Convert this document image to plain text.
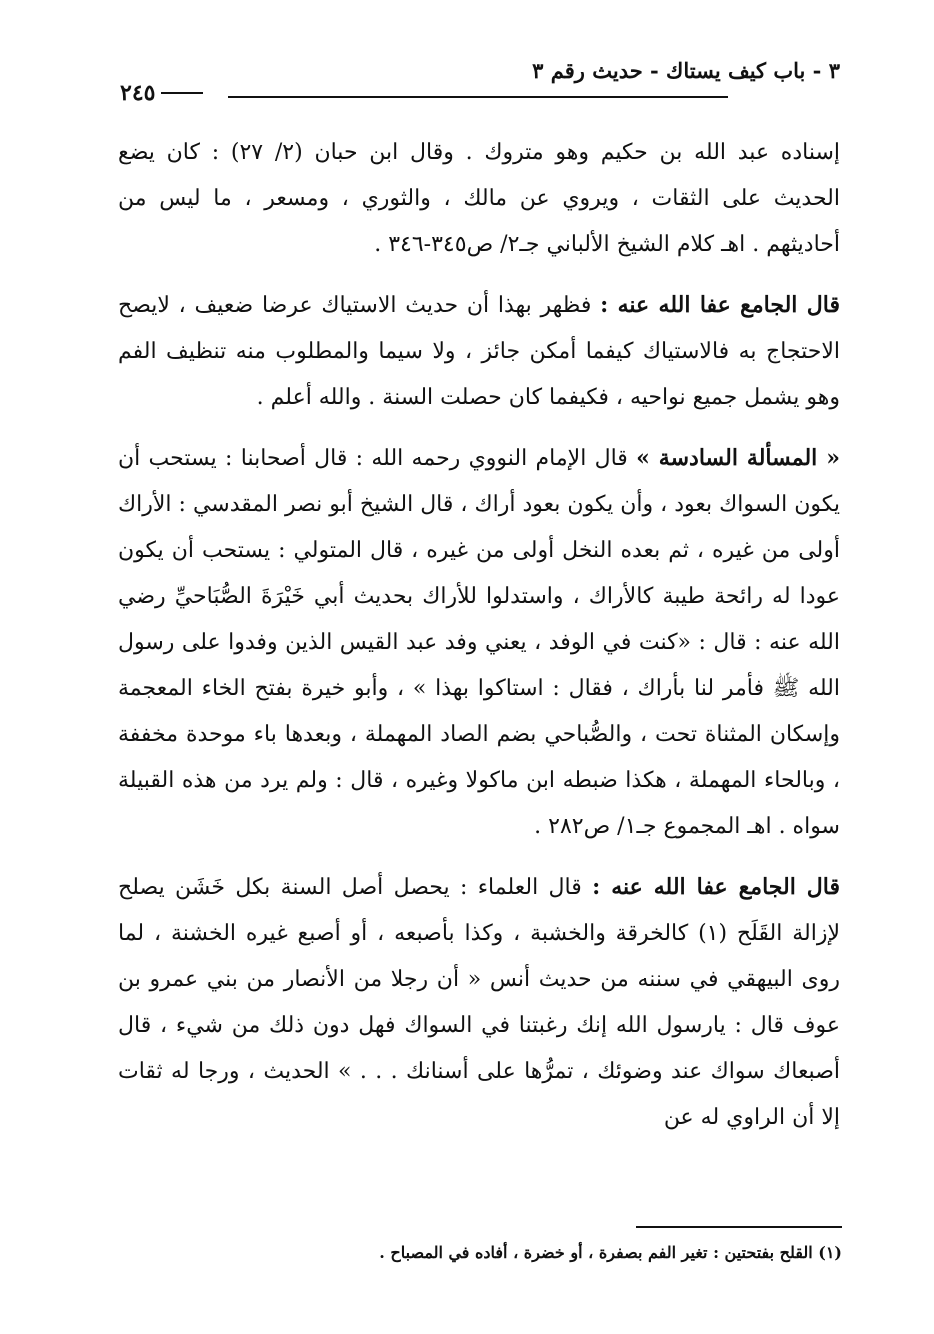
٣ - باب كيف يستاك - حديث رقم ٣
٢٤٥

إسناده عبد الله بن حكيم وهو متروك . وقال ابن حبان (٢/ ٢٧) : كان يضع الحديث على الثقات ، ويروي عن مالك ، والثوري ، ومسعر ، ما ليس من أحاديثهم . اهـ كلام الشيخ الألباني جـ٢/ ص٣٤٥-٣٤٦ .

قال الجامع عفا الله عنه : فظهر بهذا أن حديث الاستياك عرضا ضعيف ، لايصح الاحتجاج به فالاستياك كيفما أمكن جائز ، ولا سيما والمطلوب منه تنظيف الفم وهو يشمل جميع نواحيه ، فكيفما كان حصلت السنة . والله أعلم .

« المسألة السادسة » قال الإمام النووي رحمه الله : قال أصحابنا : يستحب أن يكون السواك بعود ، وأن يكون بعود أراك ، قال الشيخ أبو نصر المقدسي : الأراك أولى من غيره ، ثم بعده النخل أولى من غيره ، قال المتولي : يستحب أن يكون عودا له رائحة طيبة كالأراك ، واستدلوا للأراك بحديث أبي خَيْرَةَ الصُّبَاحيِّ رضي الله عنه : قال : «كنت في الوفد ، يعني وفد عبد القيس الذين وفدوا على رسول الله ﷺ فأمر لنا بأراك ، فقال : استاكوا بهذا » ، وأبو خيرة بفتح الخاء المعجمة وإسكان المثناة تحت ، والصُّباحي بضم الصاد المهملة ، وبعدها باء موحدة مخففة ، وبالحاء المهملة ، هكذا ضبطه ابن ماكولا وغيره ، قال : ولم يرد من هذه القبيلة سواه . اهـ المجموع جـ١/ ص٢٨٢ .

قال الجامع عفا الله عنه : قال العلماء : يحصل أصل السنة بكل خَشَن يصلح لإزالة القَلَح (١) كالخرقة والخشبة ، وكذا بأصبعه ، أو أصبع غيره الخشنة ، لما روى البيهقي في سننه من حديث أنس « أن رجلا من الأنصار من بني عمرو بن عوف قال : يارسول الله إنك رغبتنا في السواك فهل دون ذلك من شيء ، قال أصبعاك سواك عند وضوئك ، تمرُّها على أسنانك . . . » الحديث ، ورجا له ثقات إلا أن الراوي له عن

(١) القلح بفتحتين : تغير الفم بصفرة ، أو خضرة ، أفاده في المصباح .
